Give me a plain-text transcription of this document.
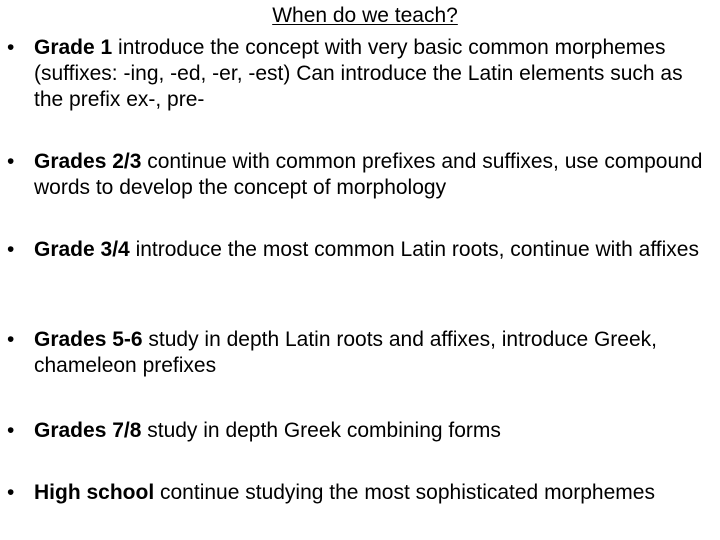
When do we teach?
• Grade 1 introduce the concept with very basic common morphemes (suffixes: -ing, -ed, -er, -est) Can introduce the Latin elements such as the prefix ex-, pre-
• Grades 2/3 continue with common prefixes and suffixes, use compound words to develop the concept of morphology
• Grade 3/4 introduce the most common Latin roots, continue with affixes
• Grades 5-6 study in depth Latin roots and affixes, introduce Greek, chameleon prefixes
• Grades 7/8 study in depth Greek combining forms
• High school continue studying the most sophisticated morphemes
